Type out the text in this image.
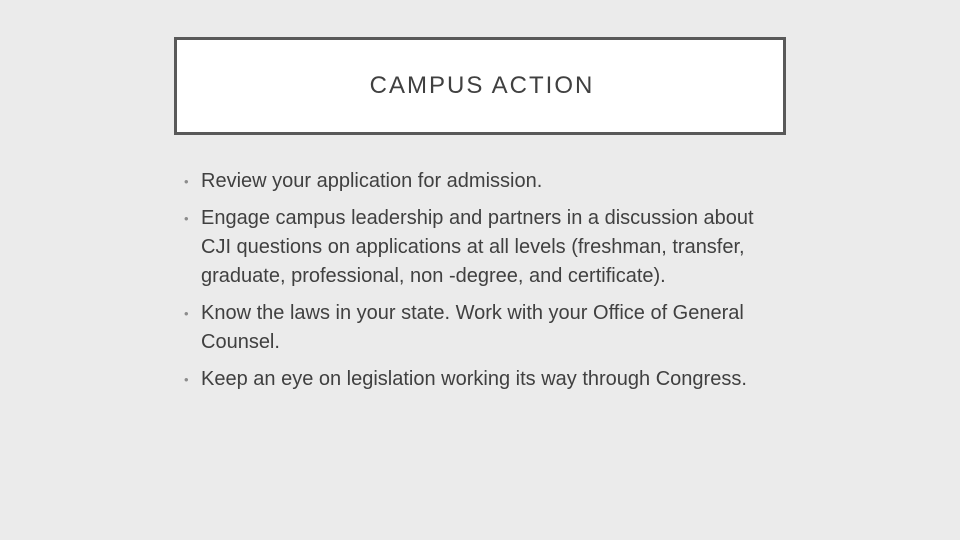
CAMPUS ACTION
• Review your application for admission.
• Engage campus leadership and partners in a discussion about CJI questions on applications at all levels (freshman, transfer, graduate, professional, non -degree, and certificate).
• Know the laws in your state. Work with your Office of General Counsel.
• Keep an eye on legislation working its way through Congress.
